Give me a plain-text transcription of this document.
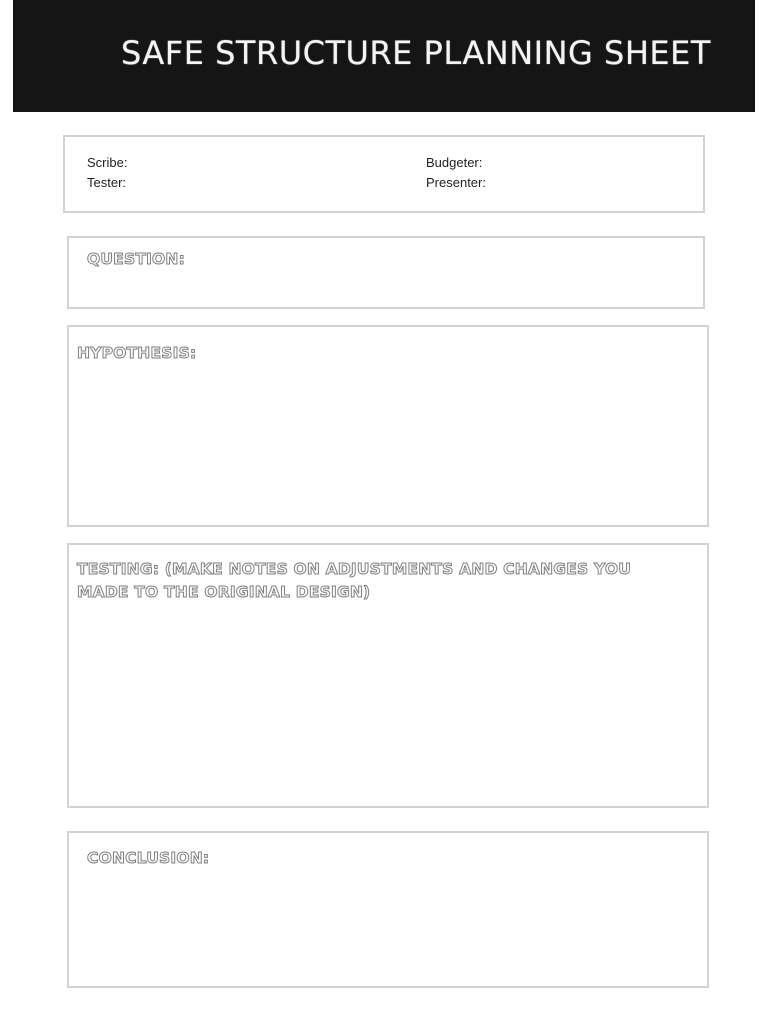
SAFE STRUCTURE PLANNING SHEET
Scribe:
Tester:
Budgeter:
Presenter:
QUESTION:
HYPOTHESIS:
TESTING: (MAKE NOTES ON ADJUSTMENTS AND CHANGES YOU MADE TO THE ORIGINAL DESIGN)
CONCLUSION:
